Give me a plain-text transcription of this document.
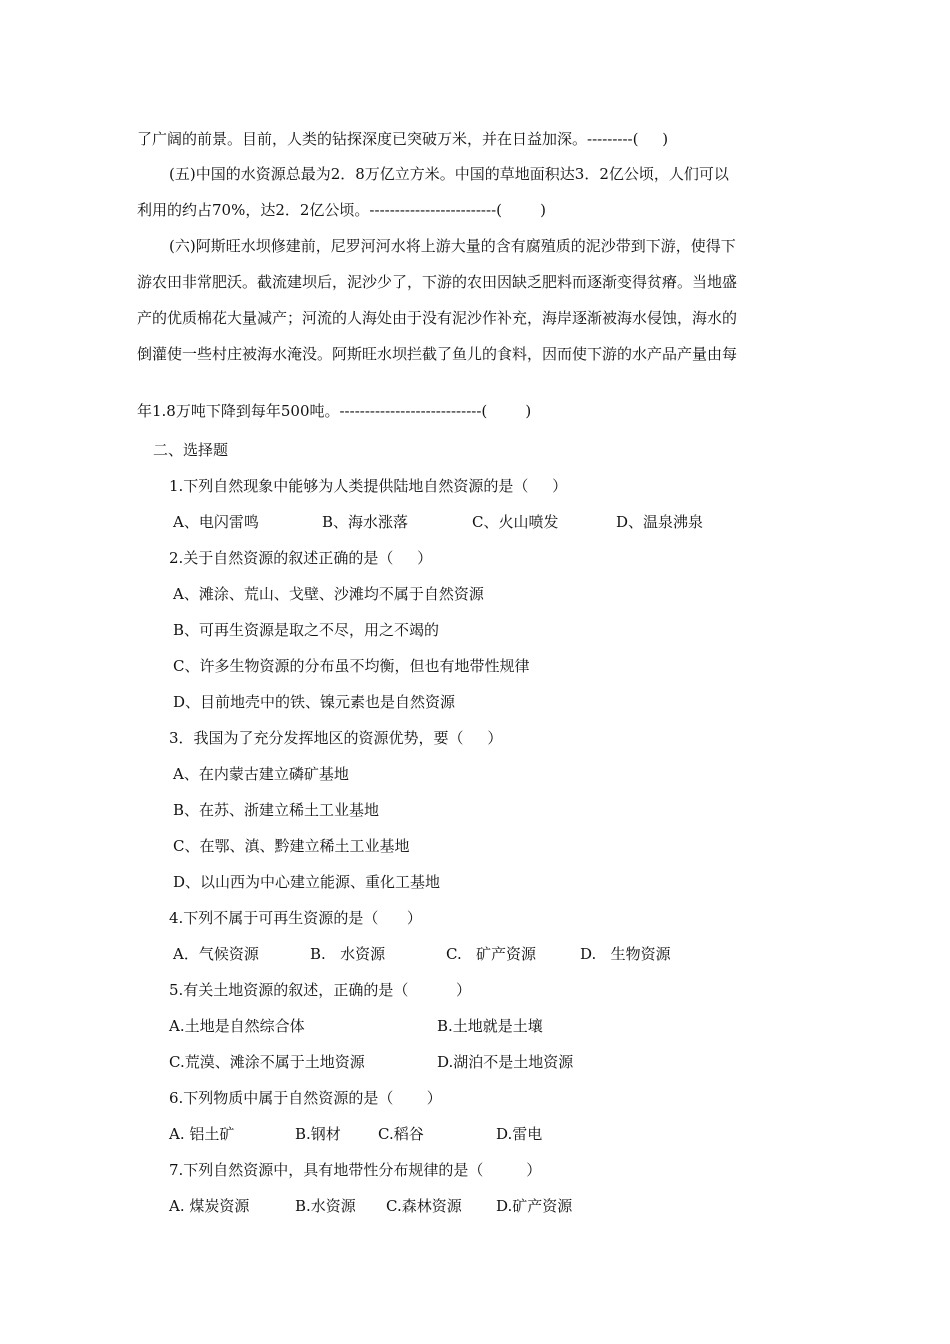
了广阔的前景。目前，人类的钻探深度已突破万米，并在日益加深。---------(     )
(五)中国的水资源总最为2．8万亿立方米。中国的草地面积达3．2亿公顷，人们可以
利用的约占70%，达2．2亿公顷。-------------------------(        )
(六)阿斯旺水坝修建前，尼罗河河水将上游大量的含有腐殖质的泥沙带到下游，使得下
游农田非常肥沃。截流建坝后，泥沙少了，下游的农田因缺乏肥料而逐渐变得贫瘠。当地盛
产的优质棉花大量减产；河流的人海处由于没有泥沙作补充，海岸逐渐被海水侵蚀，海水的
倒灌使一些村庄被海水淹没。阿斯旺水坝拦截了鱼儿的食料，因而使下游的水产品产量由每
年1.8万吨下降到每年500吨。----------------------------(        )
二、选择题
1.下列自然现象中能够为人类提供陆地自然资源的是（     ）
A、电闪雷鸣	B、海水涨落	C、火山喷发	D、温泉沸泉
2.关于自然资源的叙述正确的是（     ）
A、滩涂、荒山、戈壁、沙滩均不属于自然资源
B、可再生资源是取之不尽，用之不竭的
C、许多生物资源的分布虽不均衡，但也有地带性规律
D、目前地壳中的铁、镍元素也是自然资源
3．我国为了充分发挥地区的资源优势，要（     ）
A、在内蒙古建立磷矿基地
B、在苏、浙建立稀土工业基地
C、在鄂、滇、黔建立稀土工业基地
D、以山西为中心建立能源、重化工基地
4.下列不属于可再生资源的是（      ）
A．气候资源	B.   水资源	C.   矿产资源	D.   生物资源
5.有关土地资源的叙述，正确的是（          ）
A.土地是自然综合体	B.土地就是土壤
C.荒漠、滩涂不属于土地资源	D.湖泊不是土地资源
6.下列物质中属于自然资源的是（       ）
A. 铝土矿	B.钢材 C.稻谷	D.雷电
7.下列自然资源中，具有地带性分布规律的是（         ）
A. 煤炭资源	B.水资源 C.森林资源 D.矿产资源
